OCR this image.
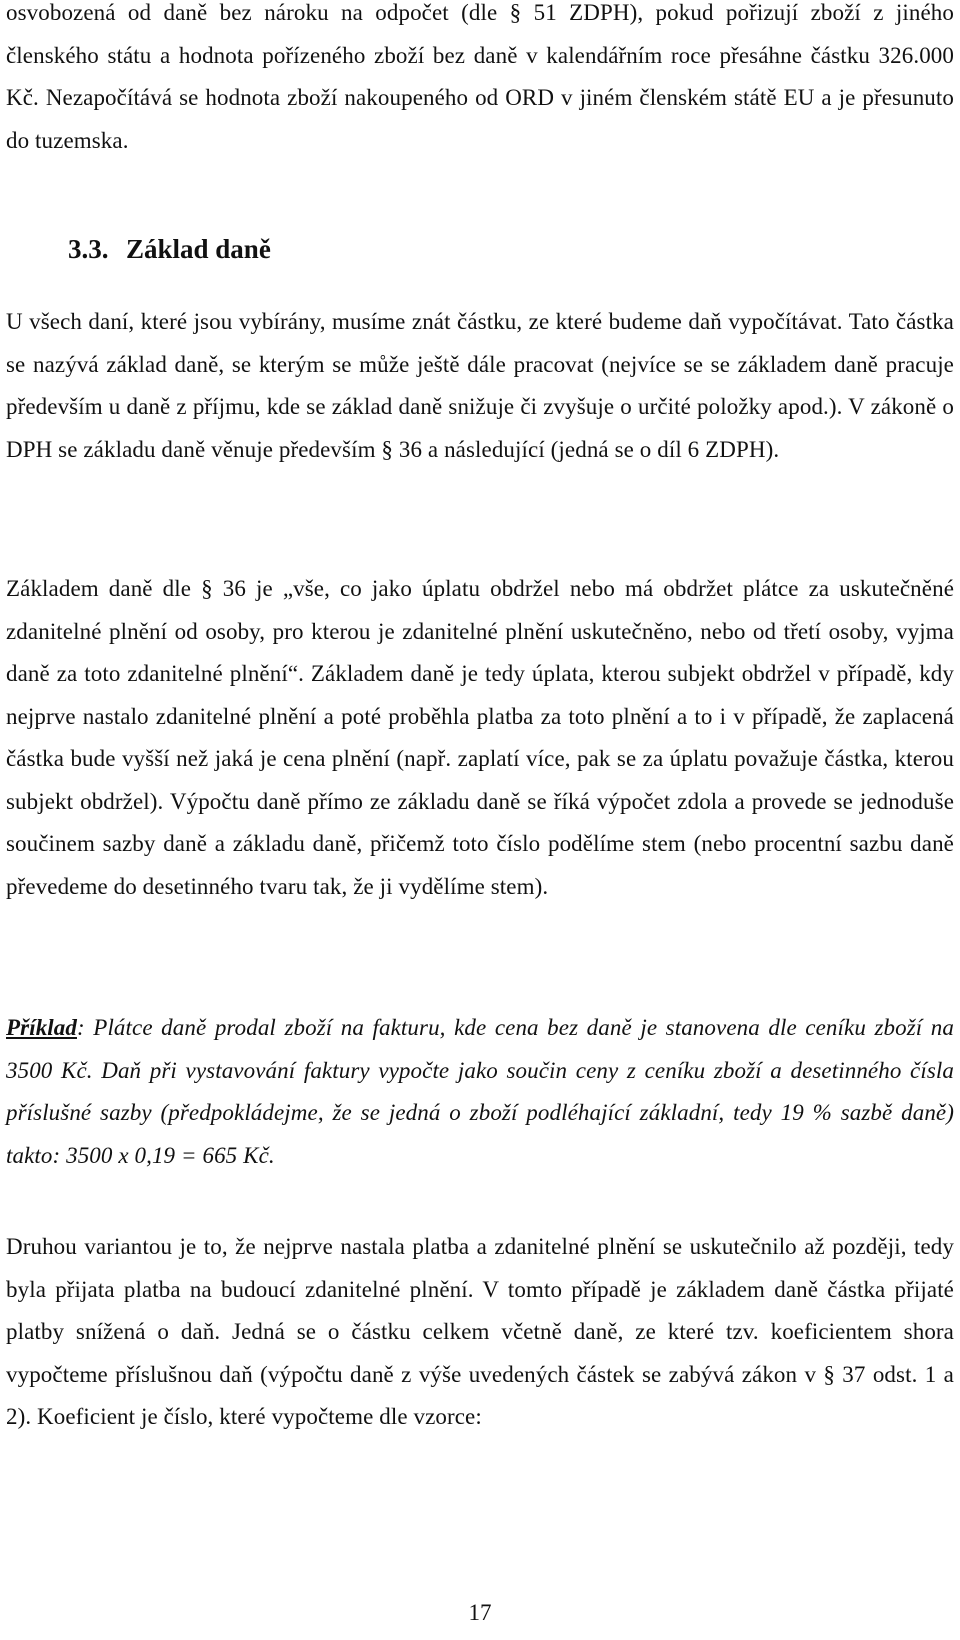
osvobozená od daně bez nároku na odpočet (dle § 51 ZDPH), pokud pořizují zboží z jiného členského státu a hodnota pořízeného zboží bez daně v kalendářním roce přesáhne částku 326.000 Kč. Nezapočítává se hodnota zboží nakoupeného od ORD v jiném členském státě EU a je přesunuto do tuzemska.

3.3. Základ daně

U všech daní, které jsou vybírány, musíme znát částku, ze které budeme daň vypočítávat. Tato částka se nazývá základ daně, se kterým se může ještě dále pracovat (nejvíce se se základem daně pracuje především u daně z příjmu, kde se základ daně snižuje či zvyšuje o určité položky apod.). V zákoně o DPH se základu daně věnuje především § 36 a následující (jedná se o díl 6 ZDPH).

Základem daně dle § 36 je „vše, co jako úplatu obdržel nebo má obdržet plátce za uskutečněné zdanitelné plnění od osoby, pro kterou je zdanitelné plnění uskutečněno, nebo od třetí osoby, vyjma daně za toto zdanitelné plnění“. Základem daně je tedy úplata, kterou subjekt obdržel v případě, kdy nejprve nastalo zdanitelné plnění a poté proběhla platba za toto plnění a to i v případě, že zaplacená částka bude vyšší než jaká je cena plnění (např. zaplatí více, pak se za úplatu považuje částka, kterou subjekt obdržel). Výpočtu daně přímo ze základu daně se říká výpočet zdola a provede se jednoduše součinem sazby daně a základu daně, přičemž toto číslo podělíme stem (nebo procentní sazbu daně převedeme do desetinného tvaru tak, že ji vydělíme stem).

Příklad: Plátce daně prodal zboží na fakturu, kde cena bez daně je stanovena dle ceníku zboží na 3500 Kč. Daň při vystavování faktury vypočte jako součin ceny z ceníku zboží a desetinného čísla příslušné sazby (předpokládejme, že se jedná o zboží podléhající základní, tedy 19 % sazbě daně) takto: 3500 x 0,19 = 665 Kč.

Druhou variantou je to, že nejprve nastala platba a zdanitelné plnění se uskutečnilo až později, tedy byla přijata platba na budoucí zdanitelné plnění. V tomto případě je základem daně částka přijaté platby snížená o daň. Jedná se o částku celkem včetně daně, ze které tzv. koeficientem shora vypočteme příslušnou daň (výpočtu daně z výše uvedených částek se zabývá zákon v § 37 odst. 1 a 2). Koeficient je číslo, které vypočteme dle vzorce:

17
